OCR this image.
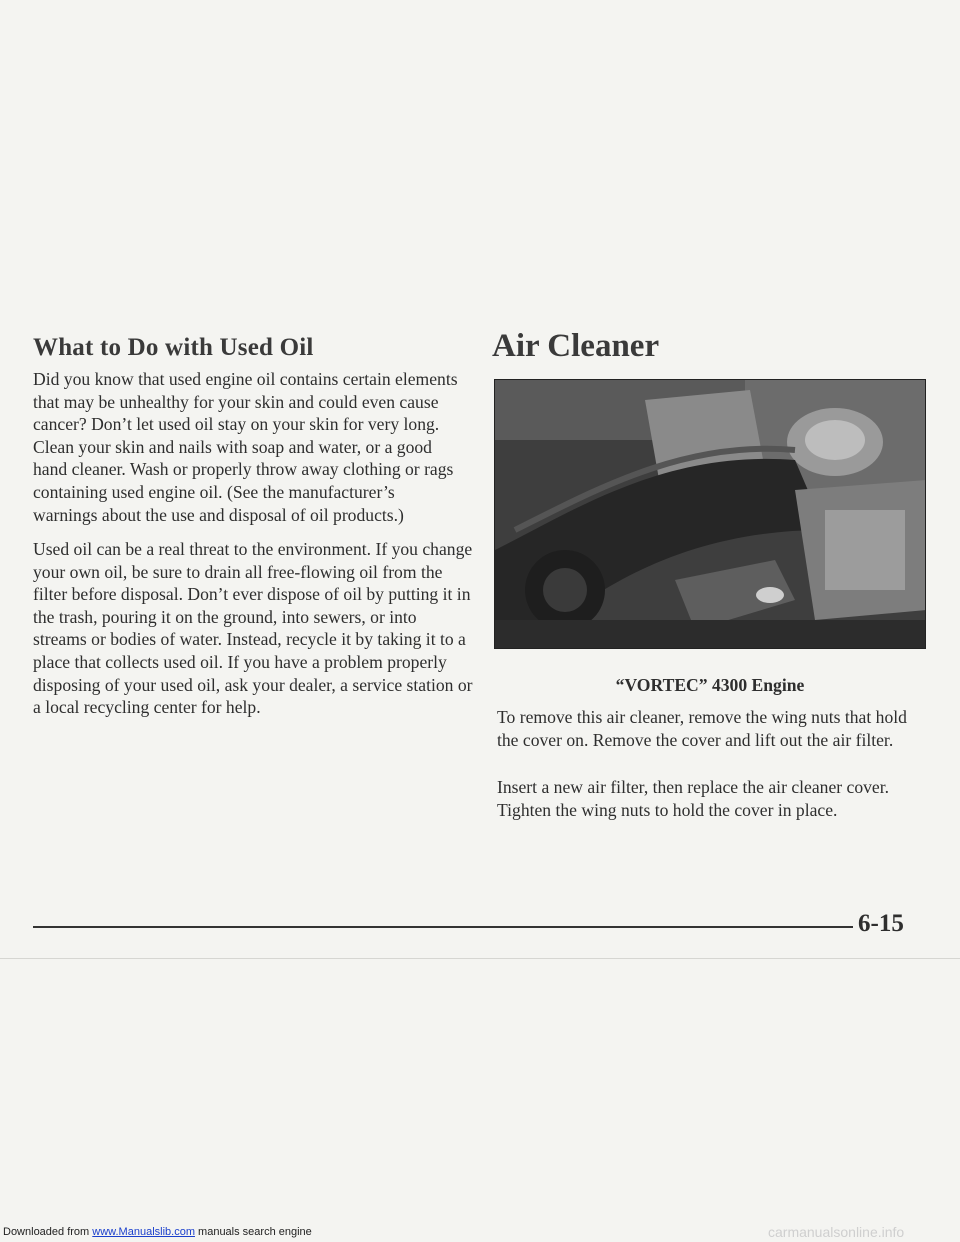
What to Do with Used Oil

Did you know that used engine oil contains certain elements that may be unhealthy for your skin and could even cause cancer? Don’t let used oil stay on your skin for very long. Clean your skin and nails with soap and water, or a good hand cleaner. Wash or properly throw away clothing or rags containing used engine oil. (See the manufacturer’s warnings about the use and disposal of oil products.)

Used oil can be a real threat to the environment. If you change your own oil, be sure to drain all free-flowing oil from the filter before disposal. Don’t ever dispose of oil by putting it in the trash, pouring it on the ground, into sewers, or into streams or bodies of water. Instead, recycle it by taking it to a place that collects used oil. If you have a problem properly disposing of your used oil, ask your dealer, a service station or a local recycling center for help.

Air Cleaner

“VORTEC” 4300 Engine

To remove this air cleaner, remove the wing nuts that hold the cover on. Remove the cover and lift out the air filter.

Insert a new air filter, then replace the air cleaner cover. Tighten the wing nuts to hold the cover in place.

6-15

Downloaded from www.Manualslib.com manuals search engine	carmanualsonline.info
